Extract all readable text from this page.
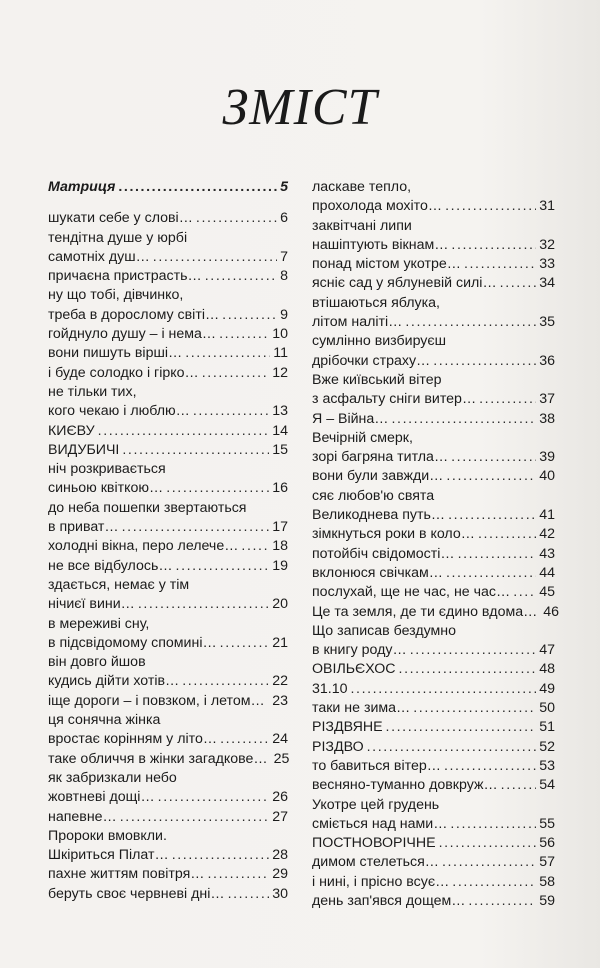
ЗМІСТ
Матриця .....	5
шукати себе у слові… .....	6
тендітна душе у юрбі
самотніх душ… .....	7
причаєна пристрасть… .....	8
ну що тобі, дівчинко,
треба в дорослому світі… .....	9
гойднуло душу – і нема… .....	10
вони пишуть вірші… .....	11
і буде солодко і гірко… .....	12
не тільки тих,
кого чекаю і люблю… .....	13
КИЄВУ .....	14
ВИДУБИЧІ .....	15
ніч розкривається
синьою квіткою… .....	16
до неба пошепки звертаються
в приват… .....	17
холодні вікна, перо лелече… ..... 18
не все відбулось… .....	19
здається, немає у тім
нічиєї вини… .....	20
в мереживі сну,
в підсвідомому спомині… .....	21
він довго йшов
кудись дійти хотів… .....	22
іще дороги – і повзком, і летом… ..... 23
ця сонячна жінка
вростає корінням у літо… .....	24
таке обличчя в жінки загадкове… 25
як забризкали небо
жовтневі дощі… .....	26
напевне… .....	27
Пророки вмовкли.
Шкіриться Пілат… .....	28
пахне життям повітря… .....	29
беруть своє червневі дні… .....	30
ласкаве тепло,
прохолода мохіто… .....	31
заквітчані липи
нашіптують вікнам… .....	32
понад містом укотре… .....	33
ясніє сад у яблуневій силі… .....	34
втішаються яблука,
літом наліті… .....	35
сумлінно визбируєш
дрібочки страху… .....	36
Вже київський вітер
з асфальту сніги витер… .....	37
Я – Війна… .....	38
Вечірній смерк,
зорі багряна титла… .....	39
вони були завжди… .....	40
сяє любов'ю свята
Великоднева путь… .....	41
зімкнуться роки в коло… .....	42
потойбіч свідомості… .....	43
вклонюся свічкам… .....	44
послухай, ще не час, не час… ..... 45
Це та земля, де ти єдино вдома… 46
Що записав бездумно
в книгу роду… .....	47
ОВІЛЬЄХОС .....	48
31.10 .....	49
таки не зима… .....	50
РІЗДВЯНЕ .....	51
РІЗДВО .....	52
то бавиться вітер… .....	53
весняно-туманно довкруж… .....	54
Укотре цей грудень
сміється над нами… .....	55
ПОСТНОВОРІЧНЕ .....	56
димом стелеться… .....	57
і нині, і прісно всує… .....	58
день зап'явся дощем… .....	59
